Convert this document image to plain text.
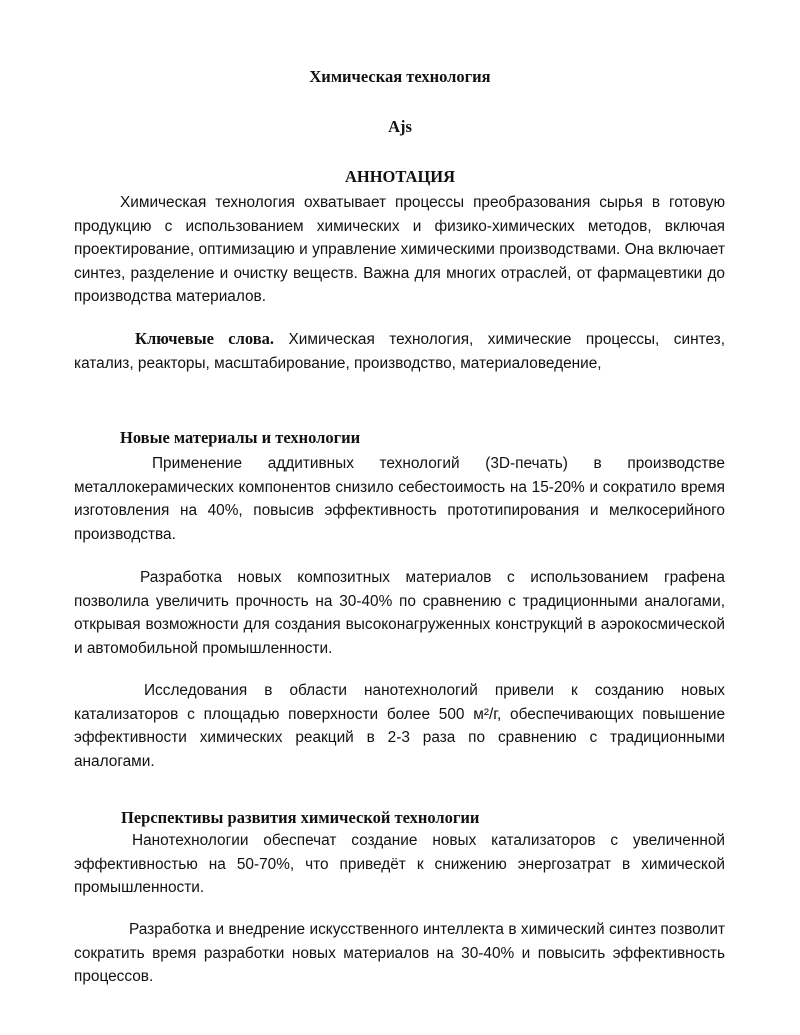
Химическая технология
Ajs
АННОТАЦИЯ

Химическая технология охватывает процессы преобразования сырья в готовую продукцию с использованием химических и физико-химических методов, включая проектирование, оптимизацию и управление химическими производствами. Она включает синтез, разделение и очистку веществ. Важна для многих отраслей, от фармацевтики до производства материалов.

Ключевые слова. Химическая технология, химические процессы, синтез, катализ, реакторы, масштабирование, производство, материаловедение,

Новые материалы и технологии

Применение аддитивных технологий (3D-печать) в производстве металлокерамических компонентов снизило себестоимость на 15-20% и сократило время изготовления на 40%, повысив эффективность прототипирования и мелкосерийного производства.

Разработка новых композитных материалов с использованием графена позволила увеличить прочность на 30-40% по сравнению с традиционными аналогами, открывая возможности для создания высоконагруженных конструкций в аэрокосмической и автомобильной промышленности.

Исследования в области нанотехнологий привели к созданию новых катализаторов с площадью поверхности более 500 м²/г, обеспечивающих повышение эффективности химических реакций в 2-3 раза по сравнению с традиционными аналогами.

Перспективы развития химической технологии

Нанотехнологии обеспечат создание новых катализаторов с увеличенной эффективностью на 50-70%, что приведёт к снижению энергозатрат в химической промышленности.

Разработка и внедрение искусственного интеллекта в химический синтез позволит сократить время разработки новых материалов на 30-40% и повысить эффективность процессов.
